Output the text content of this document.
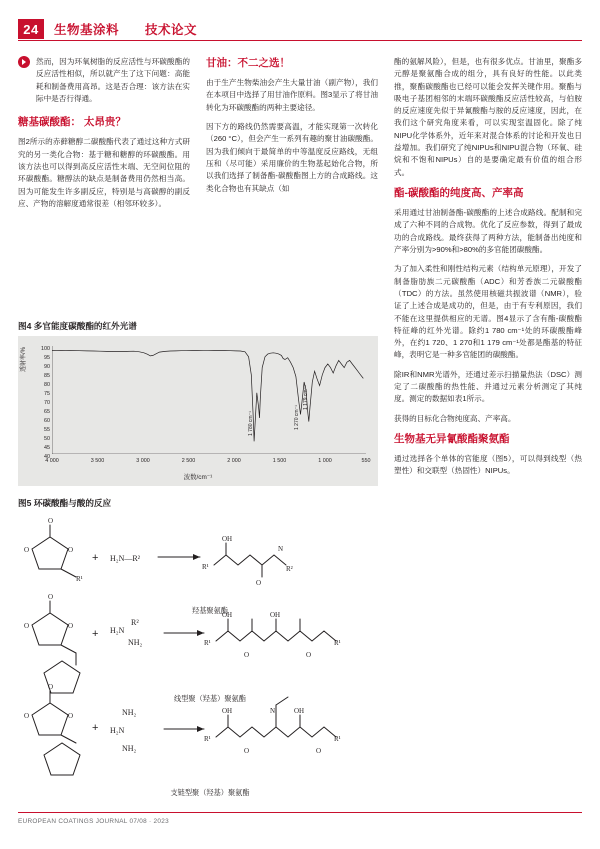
24	生物基涂料 技术论文
然而，因为环氧树脂的反应活性与环碳酸酯的反应活性相似，所以就产生了这下问题：高能耗和制备费用高昂。这是否合理：该方法在实际中是否行得通。
糖基碳酸酯： 太昂贵？

图2所示的赤藓糖醇二碳酸酯代表了通过这种方式研究的另一类化合物：基于糖和糖醇的环碳酸酯。用该方法也可以得到高反应活性末端、无空间位阻的环碳酸酯。糖醇法的缺点是制备费用仍然相当高。因为可能发生许多副反应，特别是与高碳醇的副反应、产物的溶解度通常很差（相邻环较多）。

甘油：不二之选！

由于生产生物柴油会产生大量甘油（副产物），我们在本项目中选择了用甘油作原料。图3显示了将甘油转化为环碳酸酯的两种主要途径。

因下方的路线仍然需要高温，才能实现第一次转化（260 °C），但会产生一系列有趣的聚甘油碳酸酯。因为我们倾向于最简单的中等温度反应路线，无组压和（尽可能）采用廉价的生物基起始化合物，所以我们选择了制备酯-碳酸酯图上方的合成路线。这类化合物也有其缺点（如

酯的氨解风险），但是，也有很多优点。甘油里，聚酯多元醇是聚氨酯合成的组分，具有良好的性能。以此类推，聚酯碳酸酯也已经可以能会发挥关键作用。聚酯与吸电子基团相邻的末端环碳酸酯反应活性较高，与伯胺的反应速度先似于异氰酸酯与胺的反应速度，因此，在我们这个研究角度来看，可以实现室温固化。除了纯NIPU化学体系外，近年来对混合体系的讨论和开发也日益增加。我们研究了纯NIPUs和NIPU混合物（环氧、硅烷和不饱和NIPUs）自的是要确定最有价值的组合形式。

酯-碳酸酯的纯度高、产率高

采用通过甘油制备酯-碳酸酯的上述合成路线。配制和完成了六种不同的合成物。优化了反应参数，得到了最成功的合成路线。最终获得了两种方法，能制备出纯度和产率分别为>90%和>80%的多官能团碳酸酯。

为了加入柔性和刚性结构元素（结构单元原理），开发了制备脂肪族二元碳酸酯（ADC）和芳香族二元碳酸酯（TDC）的方法。虽然使用核磁共振波谱（NMR），验证了上述合成是成功的，但是，由于有专利原因，我们不能在这里提供相应的无谱。图4显示了含有酯-碳酸酯特征峰的红外光谱。除约1 780 cm⁻¹处的环碳酸酯峰外，在约1 720、1 270和1 179 cm⁻¹处都是酯基的特征峰，表明它是一种多官能团的碳酸酯。

除IR和NMR光谱外，还通过差示扫描量热法（DSC）测定了二碳酸酯的热性能、并通过元素分析测定了其纯度。测定的数据如表1所示。

获得的目标化合物纯度高、产率高。

生物基无异氰酸酯聚氨酯

通过选择各个单体的官能度（图5），可以得到线型（热塑性）和交联型（热固性）NIPUs。

图4 多官能度碳酸酯的红外光谱
透射率/%
波数/cm⁻¹
100
95
90
85
80
75
70
65
60
55
50
45
40
4 000	3 500	3 000	2 500	2 000	1 500	1 000	550
1 780 cm⁻¹	1 270 cm⁻¹
1 179 cm⁻¹
图5 环碳酸酯与酸的反应
O
O	O
R¹
+ H₂N—R²
OH
O
N
R²
R¹
O
O	O
+ H₂N
R²
NH₂
OH	OH
R¹	R¹
O	O
O
O	O
+
NH₂
H₂N
NH₂
OH	N	OH
R¹	R¹
O	O
羟基聚氨酯
线型聚（羟基）聚氨酯
支链型聚（羟基）聚氨酯
EUROPEAN COATINGS JOURNAL 07/08 · 2023
